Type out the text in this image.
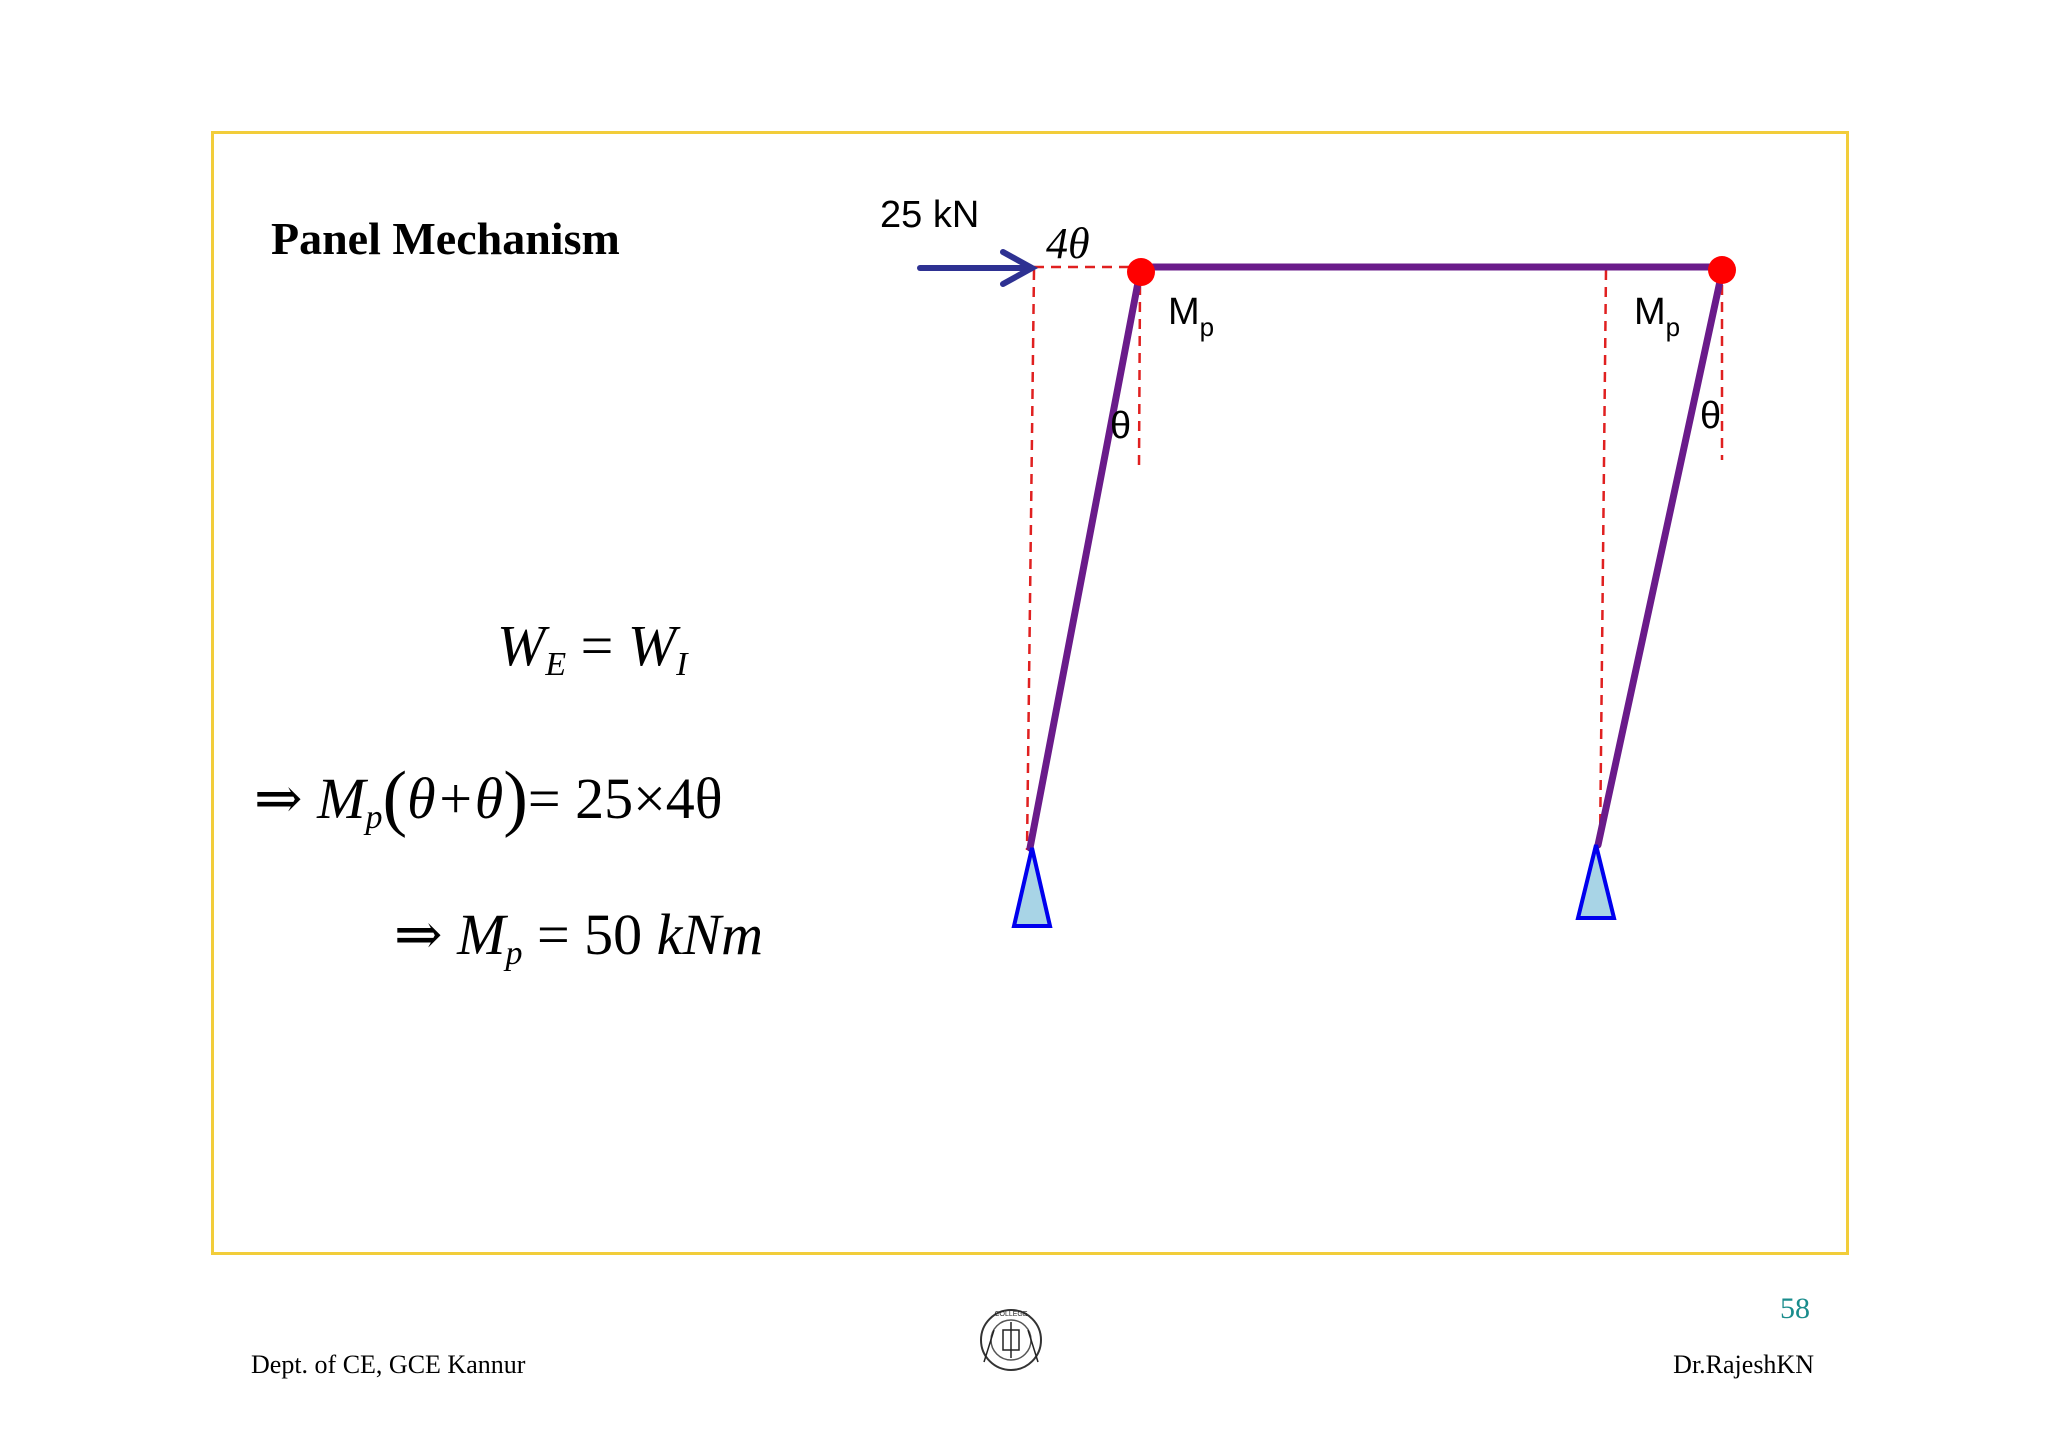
Panel Mechanism
$W_E = W_I$
⇒ $M_p(\theta+\theta)= 25\times 4\theta$
⇒ $M_p = 50$ kNm
25 kN
4θ
$M_p$	$M_p$
θ	θ
58
Dept. of CE, GCE Kannur	Dr.RajeshKN
COLLEGE
